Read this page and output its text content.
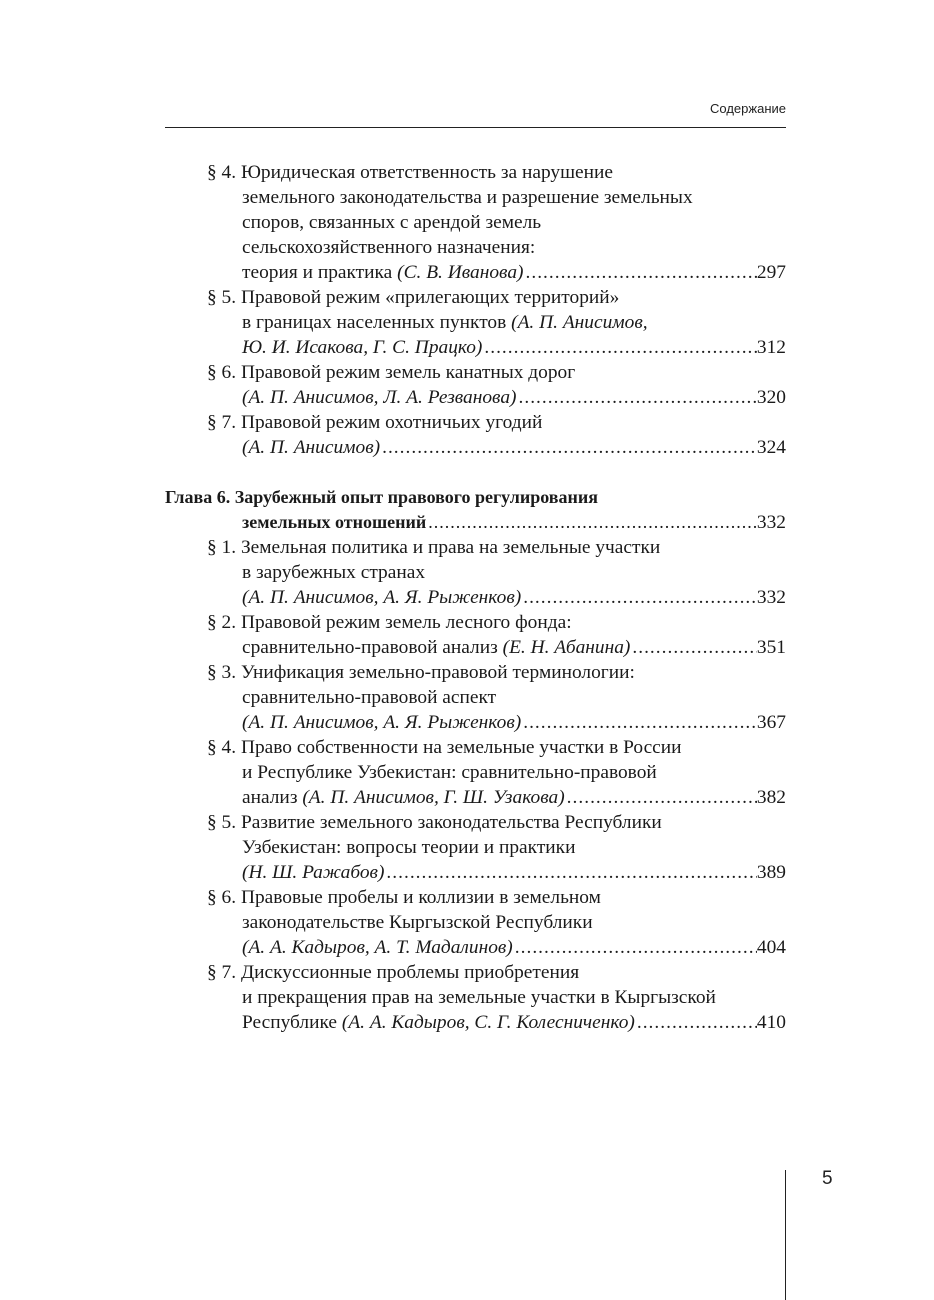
Содержание
§ 4. Юридическая ответственность за нарушение
земельного законодательства и разрешение земельных
споров, связанных с арендой земель
сельскохозяйственного назначения:
теория и практика (С. В. Иванова) .....	297
§ 5. Правовой режим «прилегающих территорий»
в границах населенных пунктов (А. П. Анисимов,
Ю. И. Исакова, Г. С. Працко) .....	312
§ 6. Правовой режим земель канатных дорог
(А. П. Анисимов, Л. А. Резванова) .....	320
§ 7. Правовой режим охотничьих угодий
(А. П. Анисимов) .....	324
Глава 6. Зарубежный опыт правового регулирования
земельных отношений .....	332
§ 1. Земельная политика и права на земельные участки
в зарубежных странах
(А. П. Анисимов, А. Я. Рыженков) .....	332
§ 2. Правовой режим земель лесного фонда:
сравнительно-правовой анализ (Е. Н. Абанина) .....	351
§ 3. Унификация земельно-правовой терминологии:
сравнительно-правовой аспект
(А. П. Анисимов, А. Я. Рыженков) .....	367
§ 4. Право собственности на земельные участки в России
и Республике Узбекистан: сравнительно-правовой
анализ (А. П. Анисимов, Г. Ш. Узакова) .....	382
§ 5. Развитие земельного законодательства Республики
Узбекистан: вопросы теории и практики
(Н. Ш. Ражабов) .....	389
§ 6. Правовые пробелы и коллизии в земельном
законодательстве Кыргызской Республики
(А. А. Кадыров, А. Т. Мадалинов) .....	404
§ 7. Дискуссионные проблемы приобретения
и прекращения прав на земельные участки в Кыргызской
Республике (А. А. Кадыров, С. Г. Колесниченко) .....	410
5
